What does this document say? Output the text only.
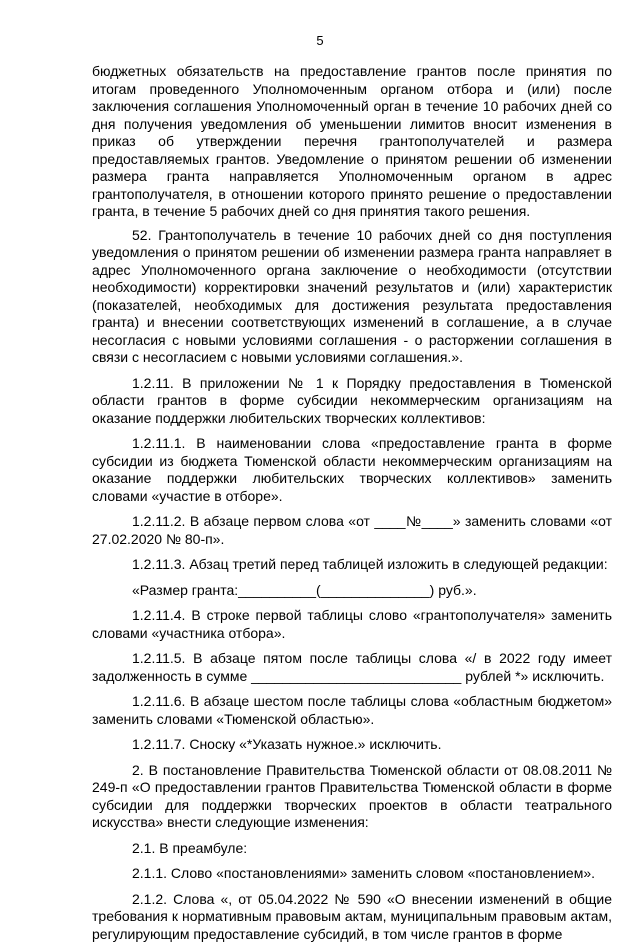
5

бюджетных обязательств на предоставление грантов после принятия по итогам проведенного Уполномоченным органом отбора и (или) после заключения соглашения Уполномоченный орган в течение 10 рабочих дней со дня получения уведомления об уменьшении лимитов вносит изменения в приказ об утверждении перечня грантополучателей и размера предоставляемых грантов. Уведомление о принятом решении об изменении размера гранта направляется Уполномоченным органом в адрес грантополучателя, в отношении которого принято решение о предоставлении гранта, в течение 5 рабочих дней со дня принятия такого решения.

52. Грантополучатель в течение 10 рабочих дней со дня поступления уведомления о принятом решении об изменении размера гранта направляет в адрес Уполномоченного органа заключение о необходимости (отсутствии необходимости) корректировки значений результатов и (или) характеристик (показателей, необходимых для достижения результата предоставления гранта) и внесении соответствующих изменений в соглашение, а в случае несогласия с новыми условиями соглашения - о расторжении соглашения в связи с несогласием с новыми условиями соглашения.».

1.2.11. В приложении № 1 к Порядку предоставления в Тюменской области грантов в форме субсидии некоммерческим организациям на оказание поддержки любительских творческих коллективов:

1.2.11.1. В наименовании слова «предоставление гранта в форме субсидии из бюджета Тюменской области некоммерческим организациям на оказание поддержки любительских творческих коллективов» заменить словами «участие в отборе».

1.2.11.2. В абзаце первом слова «от ____№____» заменить словами «от 27.02.2020 № 80-п».

1.2.11.3. Абзац третий перед таблицей изложить в следующей редакции:

«Размер гранта:__________(______________) руб.».

1.2.11.4. В строке первой таблицы слово «грантополучателя» заменить словами «участника отбора».

1.2.11.5. В абзаце пятом после таблицы слова «/ в 2022 году имеет задолженность в сумме ___________________________ рублей *» исключить.

1.2.11.6. В абзаце шестом после таблицы слова «областным бюджетом» заменить словами «Тюменской областью».

1.2.11.7. Сноску «*Указать нужное.» исключить.

2. В постановление Правительства Тюменской области от 08.08.2011 № 249-п «О предоставлении грантов Правительства Тюменской области в форме субсидии для поддержки творческих проектов в области театрального искусства» внести следующие изменения:

2.1. В преамбуле:

2.1.1. Слово «постановлениями» заменить словом «постановлением».

2.1.2. Слова «, от 05.04.2022 № 590 «О внесении изменений в общие требования к нормативным правовым актам, муниципальным правовым актам, регулирующим предоставление субсидий, в том числе грантов в форме
